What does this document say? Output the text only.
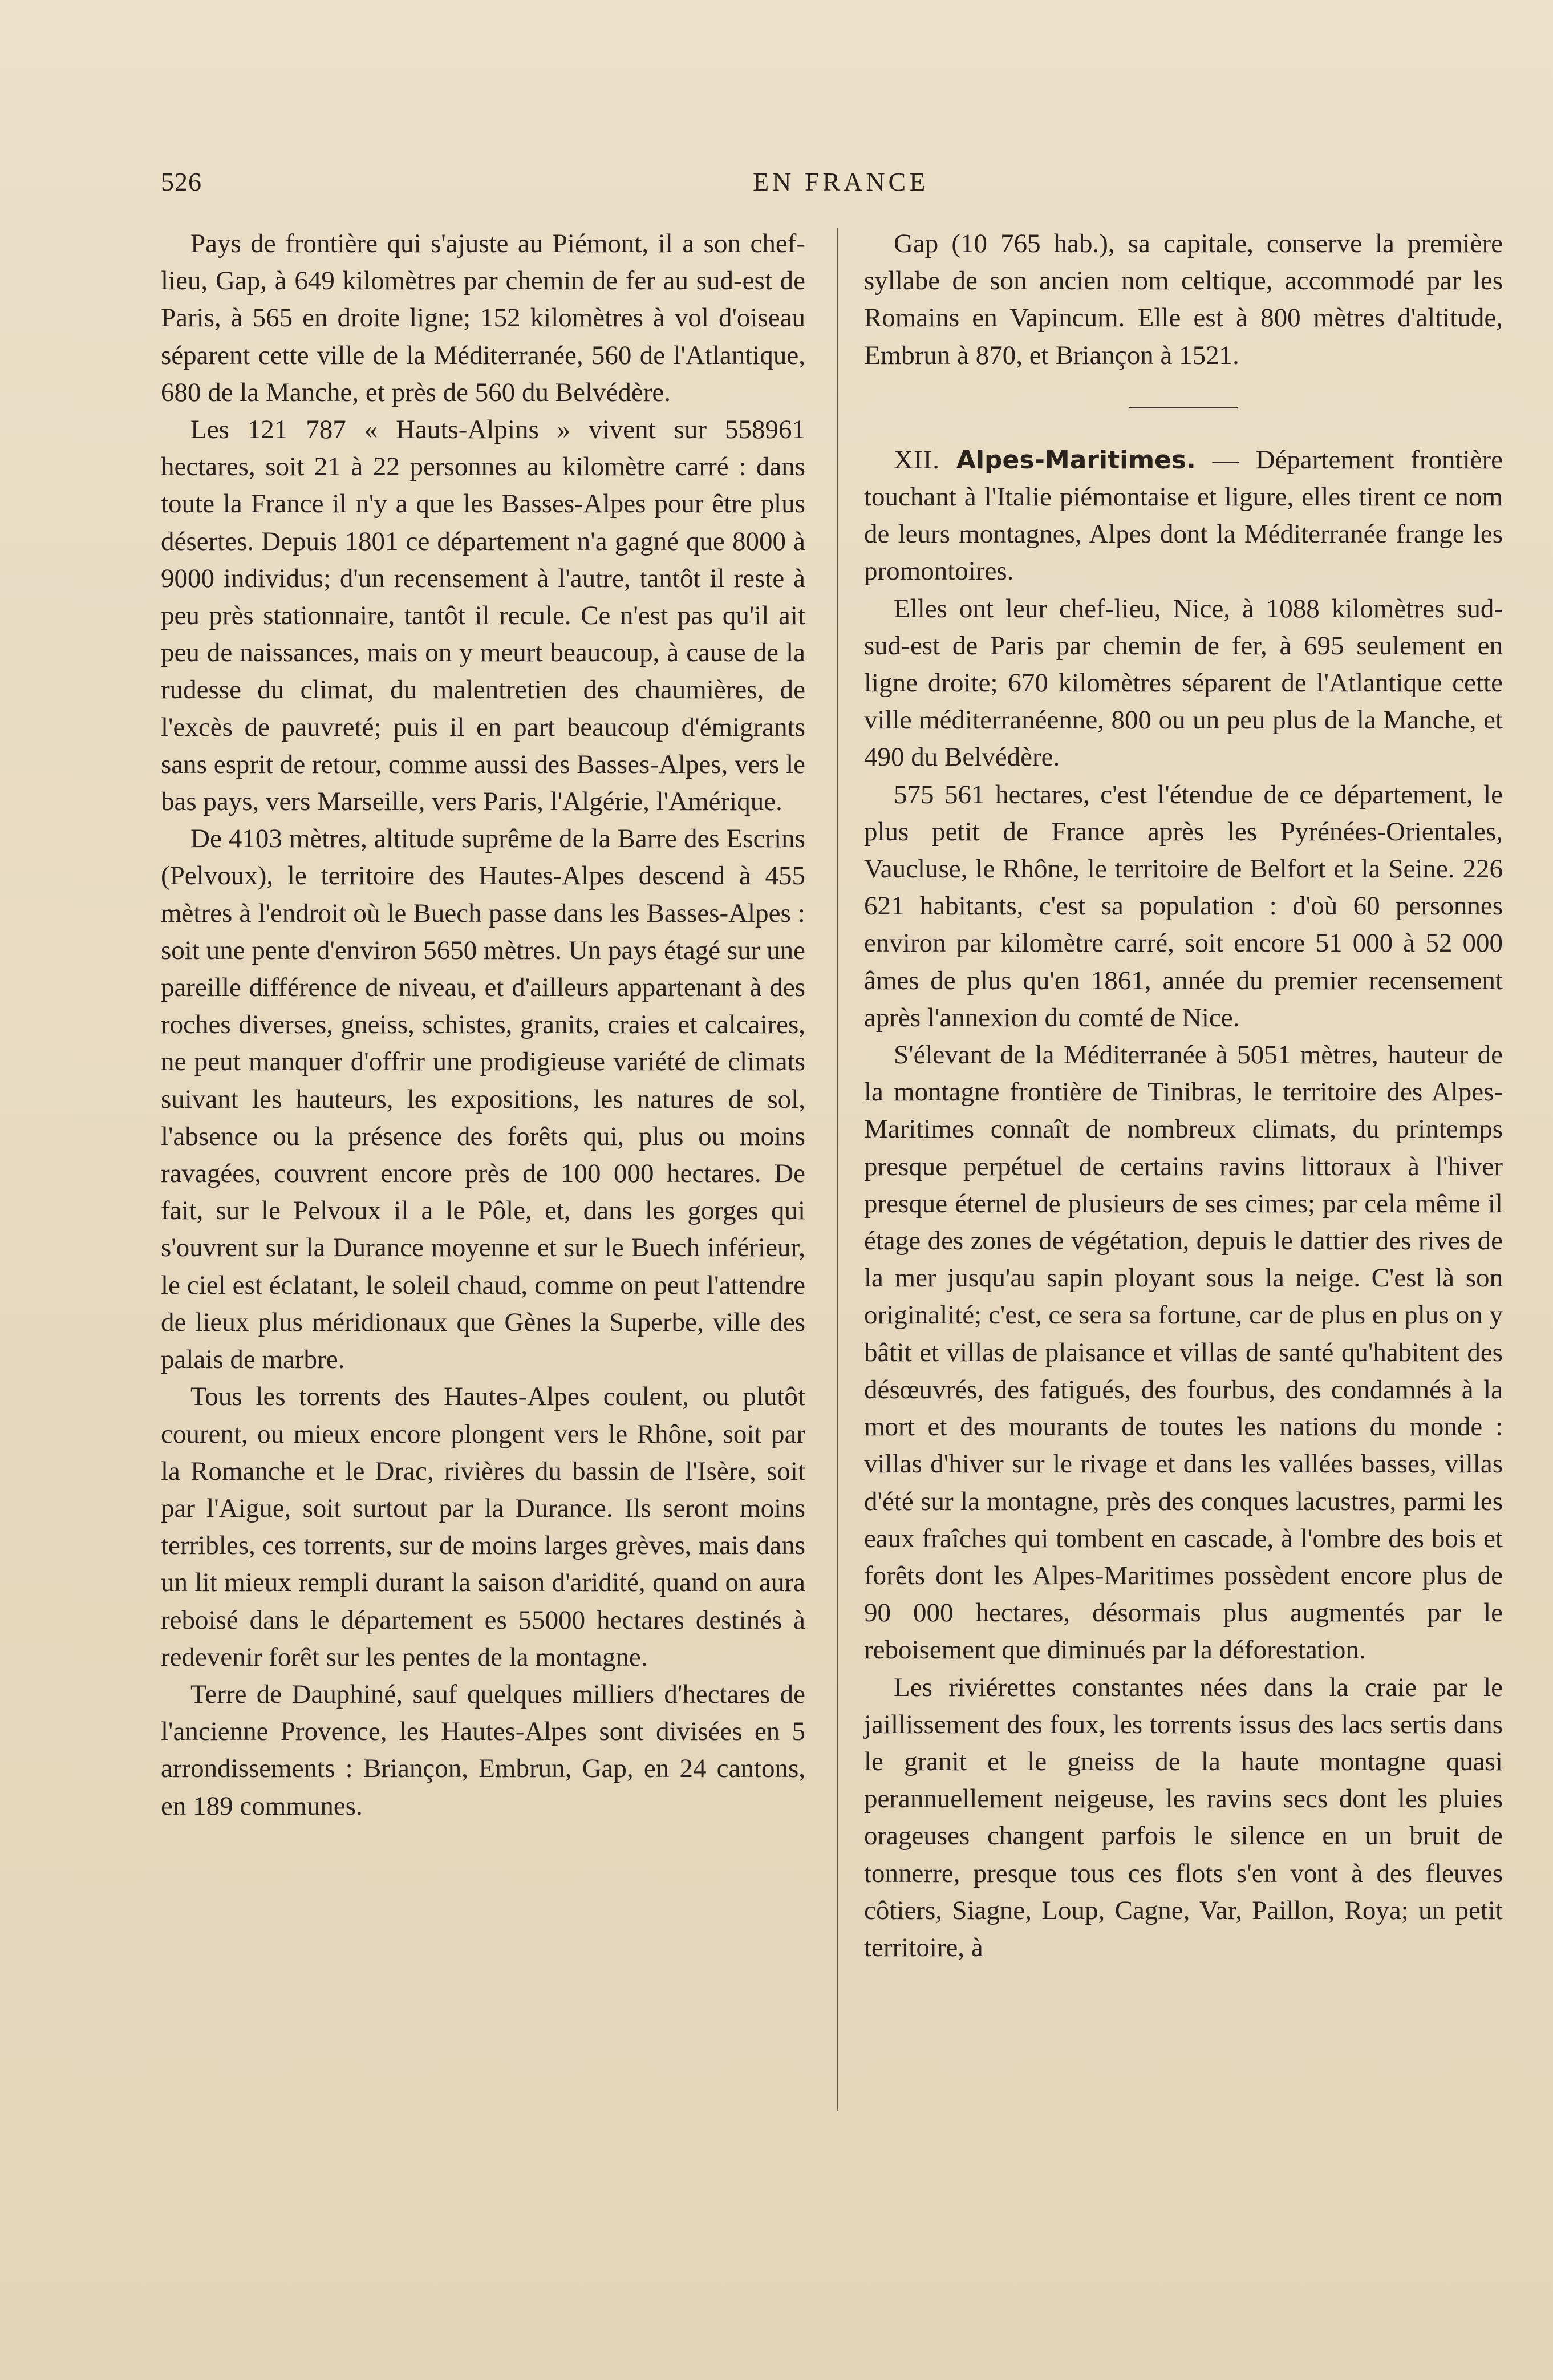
526	EN FRANCE

Pays de frontière qui s'ajuste au Piémont, il a son chef-lieu, Gap, à 649 kilomètres par chemin de fer au sud-est de Paris, à 565 en droite ligne; 152 kilomètres à vol d'oiseau séparent cette ville de la Méditerranée, 560 de l'Atlantique, 680 de la Manche, et près de 560 du Belvédère.

Les 121 787 « Hauts-Alpins » vivent sur 558961 hectares, soit 21 à 22 personnes au kilomètre carré : dans toute la France il n'y a que les Basses-Alpes pour être plus désertes. Depuis 1801 ce département n'a gagné que 8000 à 9000 individus; d'un recensement à l'autre, tantôt il reste à peu près stationnaire, tantôt il recule. Ce n'est pas qu'il ait peu de naissances, mais on y meurt beaucoup, à cause de la rudesse du climat, du malentretien des chaumières, de l'excès de pauvreté; puis il en part beaucoup d'émigrants sans esprit de retour, comme aussi des Basses-Alpes, vers le bas pays, vers Marseille, vers Paris, l'Algérie, l'Amérique.

De 4103 mètres, altitude suprême de la Barre des Escrins (Pelvoux), le territoire des Hautes-Alpes descend à 455 mètres à l'endroit où le Buech passe dans les Basses-Alpes : soit une pente d'environ 5650 mètres. Un pays étagé sur une pareille différence de niveau, et d'ailleurs appartenant à des roches diverses, gneiss, schistes, granits, craies et calcaires, ne peut manquer d'offrir une prodigieuse variété de climats suivant les hauteurs, les expositions, les natures de sol, l'absence ou la présence des forêts qui, plus ou moins ravagées, couvrent encore près de 100 000 hectares. De fait, sur le Pelvoux il a le Pôle, et, dans les gorges qui s'ouvrent sur la Durance moyenne et sur le Buech inférieur, le ciel est éclatant, le soleil chaud, comme on peut l'attendre de lieux plus méridionaux que Gènes la Superbe, ville des palais de marbre.

Tous les torrents des Hautes-Alpes coulent, ou plutôt courent, ou mieux encore plongent vers le Rhône, soit par la Romanche et le Drac, rivières du bassin de l'Isère, soit par l'Aigue, soit surtout par la Durance. Ils seront moins terribles, ces torrents, sur de moins larges grèves, mais dans un lit mieux rempli durant la saison d'aridité, quand on aura reboisé dans le département es 55000 hectares destinés à redevenir forêt sur les pentes de la montagne.

Terre de Dauphiné, sauf quelques milliers d'hectares de l'ancienne Provence, les Hautes-Alpes sont divisées en 5 arrondissements : Briançon, Embrun, Gap, en 24 cantons, en 189 communes.

Gap (10 765 hab.), sa capitale, conserve la première syllabe de son ancien nom celtique, accommodé par les Romains en Vapincum. Elle est à 800 mètres d'altitude, Embrun à 870, et Briançon à 1521.

XII. Alpes-Maritimes. — Département frontière touchant à l'Italie piémontaise et ligure, elles tirent ce nom de leurs montagnes, Alpes dont la Méditerranée frange les promontoires.

Elles ont leur chef-lieu, Nice, à 1088 kilomètres sud-sud-est de Paris par chemin de fer, à 695 seulement en ligne droite; 670 kilomètres séparent de l'Atlantique cette ville méditerranéenne, 800 ou un peu plus de la Manche, et 490 du Belvédère.

575 561 hectares, c'est l'étendue de ce département, le plus petit de France après les Pyrénées-Orientales, Vaucluse, le Rhône, le territoire de Belfort et la Seine. 226 621 habitants, c'est sa population : d'où 60 personnes environ par kilomètre carré, soit encore 51 000 à 52 000 âmes de plus qu'en 1861, année du premier recensement après l'annexion du comté de Nice.

S'élevant de la Méditerranée à 5051 mètres, hauteur de la montagne frontière de Tinibras, le territoire des Alpes-Maritimes connaît de nombreux climats, du printemps presque perpétuel de certains ravins littoraux à l'hiver presque éternel de plusieurs de ses cimes; par cela même il étage des zones de végétation, depuis le dattier des rives de la mer jusqu'au sapin ployant sous la neige. C'est là son originalité; c'est, ce sera sa fortune, car de plus en plus on y bâtit et villas de plaisance et villas de santé qu'habitent des désœuvrés, des fatigués, des fourbus, des condamnés à la mort et des mourants de toutes les nations du monde : villas d'hiver sur le rivage et dans les vallées basses, villas d'été sur la montagne, près des conques lacustres, parmi les eaux fraîches qui tombent en cascade, à l'ombre des bois et forêts dont les Alpes-Maritimes possèdent encore plus de 90 000 hectares, désormais plus augmentés par le reboisement que diminués par la déforestation.

Les riviérettes constantes nées dans la craie par le jaillissement des foux, les torrents issus des lacs sertis dans le granit et le gneiss de la haute montagne quasi perannuellement neigeuse, les ravins secs dont les pluies orageuses changent parfois le silence en un bruit de tonnerre, presque tous ces flots s'en vont à des fleuves côtiers, Siagne, Loup, Cagne, Var, Paillon, Roya; un petit territoire, à
